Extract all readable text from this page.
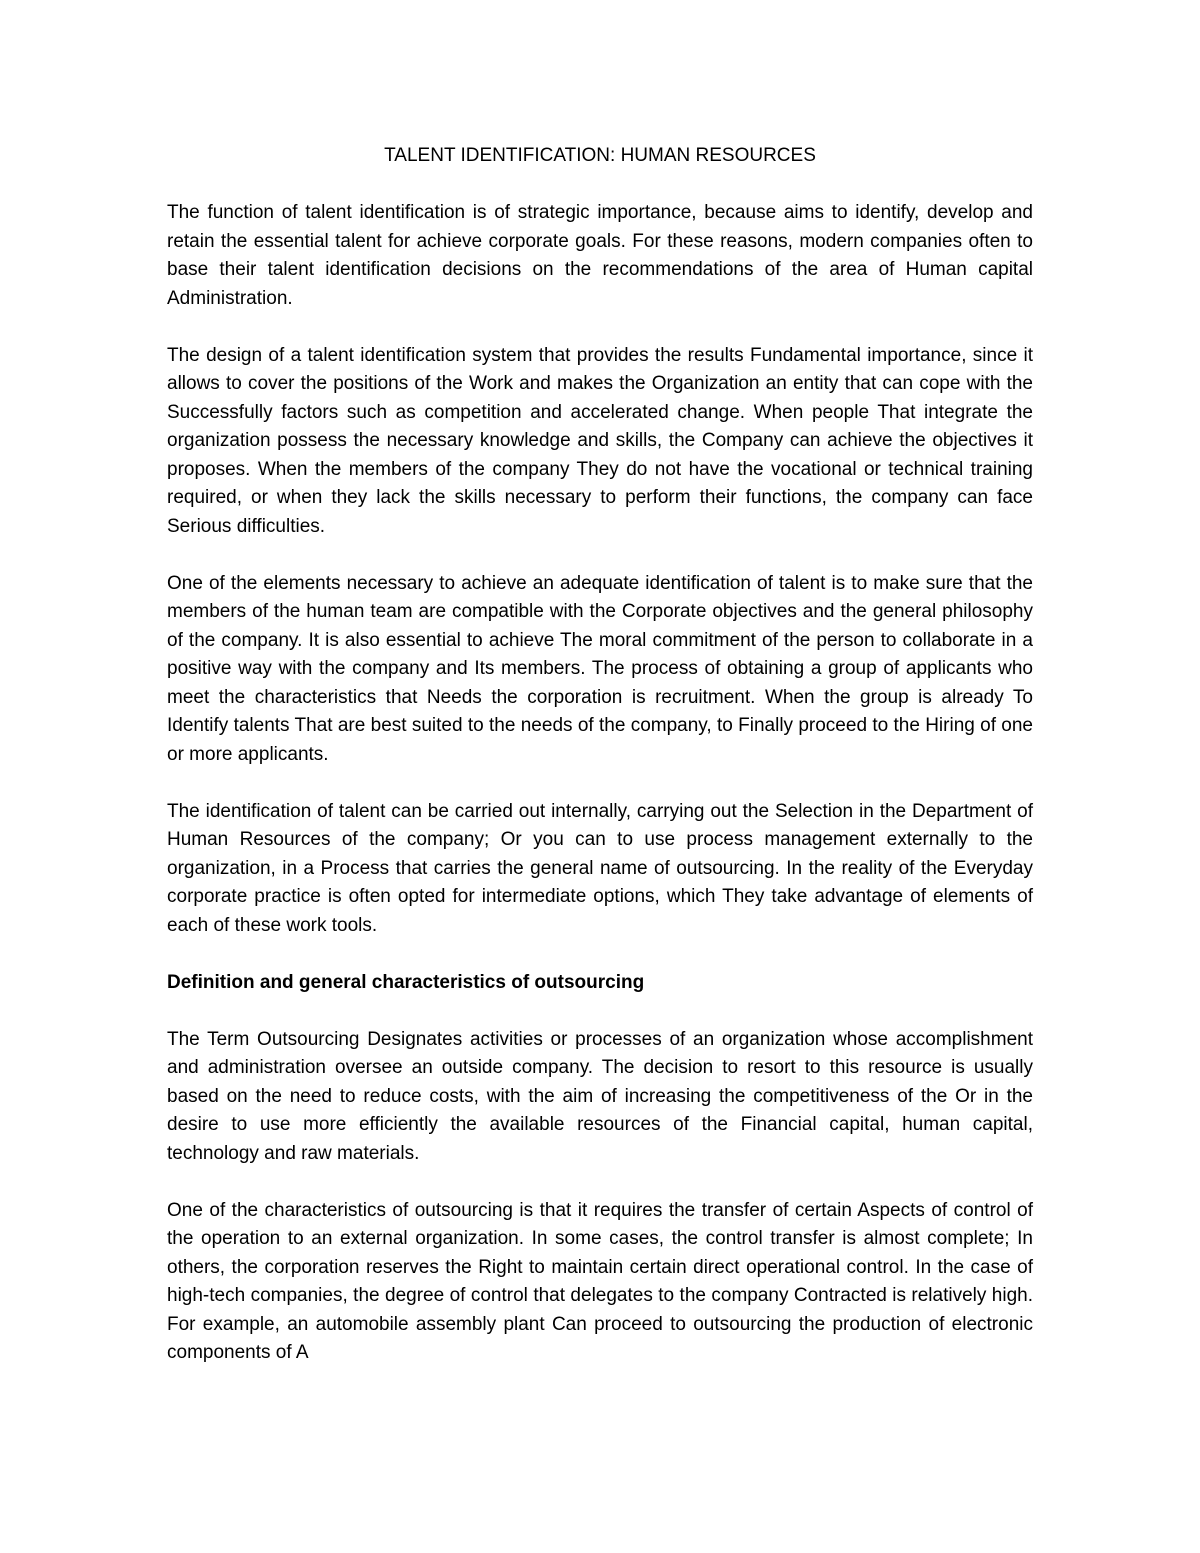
TALENT IDENTIFICATION: HUMAN RESOURCES

The function of talent identification is of strategic importance, because aims to identify, develop and retain the essential talent for achieve corporate goals. For these reasons, modern companies often to base their talent identification decisions on the recommendations of the area of Human capital Administration.

The design of a talent identification system that provides the results Fundamental importance, since it allows to cover the positions of the Work and makes the Organization an entity that can cope with the Successfully factors such as competition and accelerated change. When people That integrate the organization possess the necessary knowledge and skills, the Company can achieve the objectives it proposes. When the members of the company They do not have the vocational or technical training required, or when they lack the skills necessary to perform their functions, the company can face Serious difficulties.

One of the elements necessary to achieve an adequate identification of talent is to make sure that the members of the human team are compatible with the Corporate objectives and the general philosophy of the company. It is also essential to achieve The moral commitment of the person to collaborate in a positive way with the company and Its members. The process of obtaining a group of applicants who meet the characteristics that Needs the corporation is recruitment. When the group is already To Identify talents That are best suited to the needs of the company, to Finally proceed to the Hiring of one or more applicants.

The identification of talent can be carried out internally, carrying out the Selection in the Department of Human Resources of the company; Or you can to use process management externally to the organization, in a Process that carries the general name of outsourcing. In the reality of the Everyday corporate practice is often opted for intermediate options, which They take advantage of elements of each of these work tools.

Definition and general characteristics of outsourcing

The Term Outsourcing Designates activities or processes of an organization whose accomplishment and administration oversee an outside company. The decision to resort to this resource is usually based on the need to reduce costs, with the aim of increasing the competitiveness of the Or in the desire to use more efficiently the available resources of the Financial capital, human capital, technology and raw materials.

One of the characteristics of outsourcing is that it requires the transfer of certain Aspects of control of the operation to an external organization. In some cases, the control transfer is almost complete; In others, the corporation reserves the Right to maintain certain direct operational control. In the case of high-tech companies, the degree of control that delegates to the company Contracted is relatively high. For example, an automobile assembly plant Can proceed to outsourcing the production of electronic components of A
